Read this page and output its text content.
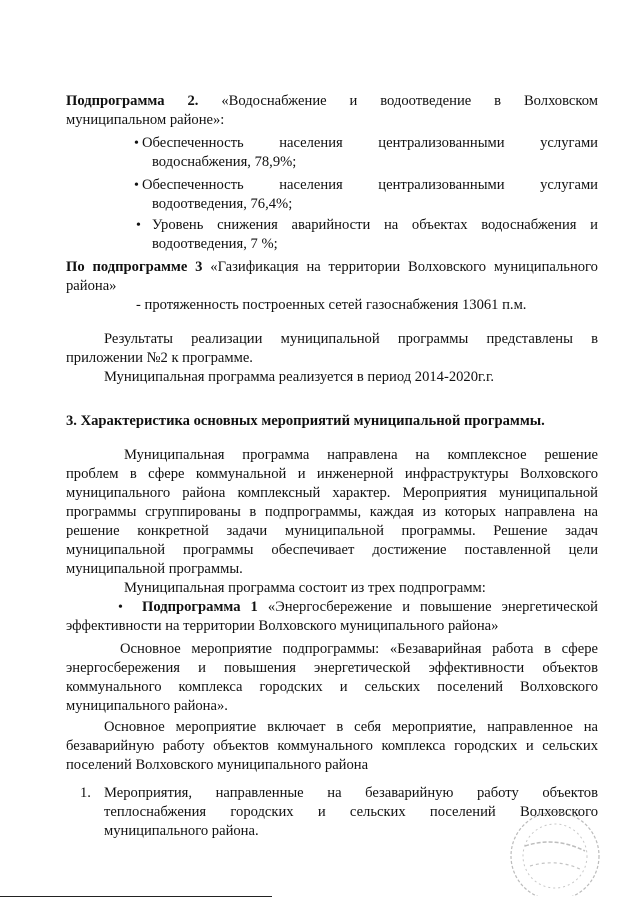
Подпрограмма 2. «Водоснабжение и водоотведение в Волховском
муниципальном районе»:
• Обеспеченность населения централизованными услугами
водоснабжения, 78,9%;
• Обеспеченность населения централизованными услугами
водоотведения, 76,4%;
• Уровень снижения аварийности на объектах водоснабжения и
водоотведения, 7 %;
По подпрограмме 3 «Газификация на территории Волховского муниципального
района»
- протяженность построенных сетей газоснабжения 13061 п.м.
Результаты реализации муниципальной программы представлены в
приложении №2 к программе.
Муниципальная программа реализуется в период 2014-2020г.г.
3. Характеристика основных мероприятий муниципальной программы.
Муниципальная программа направлена на комплексное решение
проблем в сфере коммунальной и инженерной инфраструктуры Волховского
муниципального района комплексный характер. Мероприятия муниципальной
программы сгруппированы в подпрограммы, каждая из которых направлена на
решение конкретной задачи муниципальной программы. Решение задач
муниципальной программы обеспечивает достижение поставленной цели
муниципальной программы.
Муниципальная программа состоит из трех подпрограмм:
• Подпрограмма 1 «Энергосбережение и повышение энергетической
эффективности на территории Волховского муниципального района»
Основное мероприятие подпрограммы: «Безаварийная работа в сфере
энергосбережения и повышения энергетической эффективности объектов
коммунального комплекса городских и сельских поселений Волховского
муниципального района».
Основное мероприятие включает в себя мероприятие, направленное на
безаварийную работу объектов коммунального комплекса городских и сельских
поселений Волховского муниципального района
1. Мероприятия, направленные на безаварийную работу объектов
теплоснабжения городских и сельских поселений Волховского
муниципального района.
